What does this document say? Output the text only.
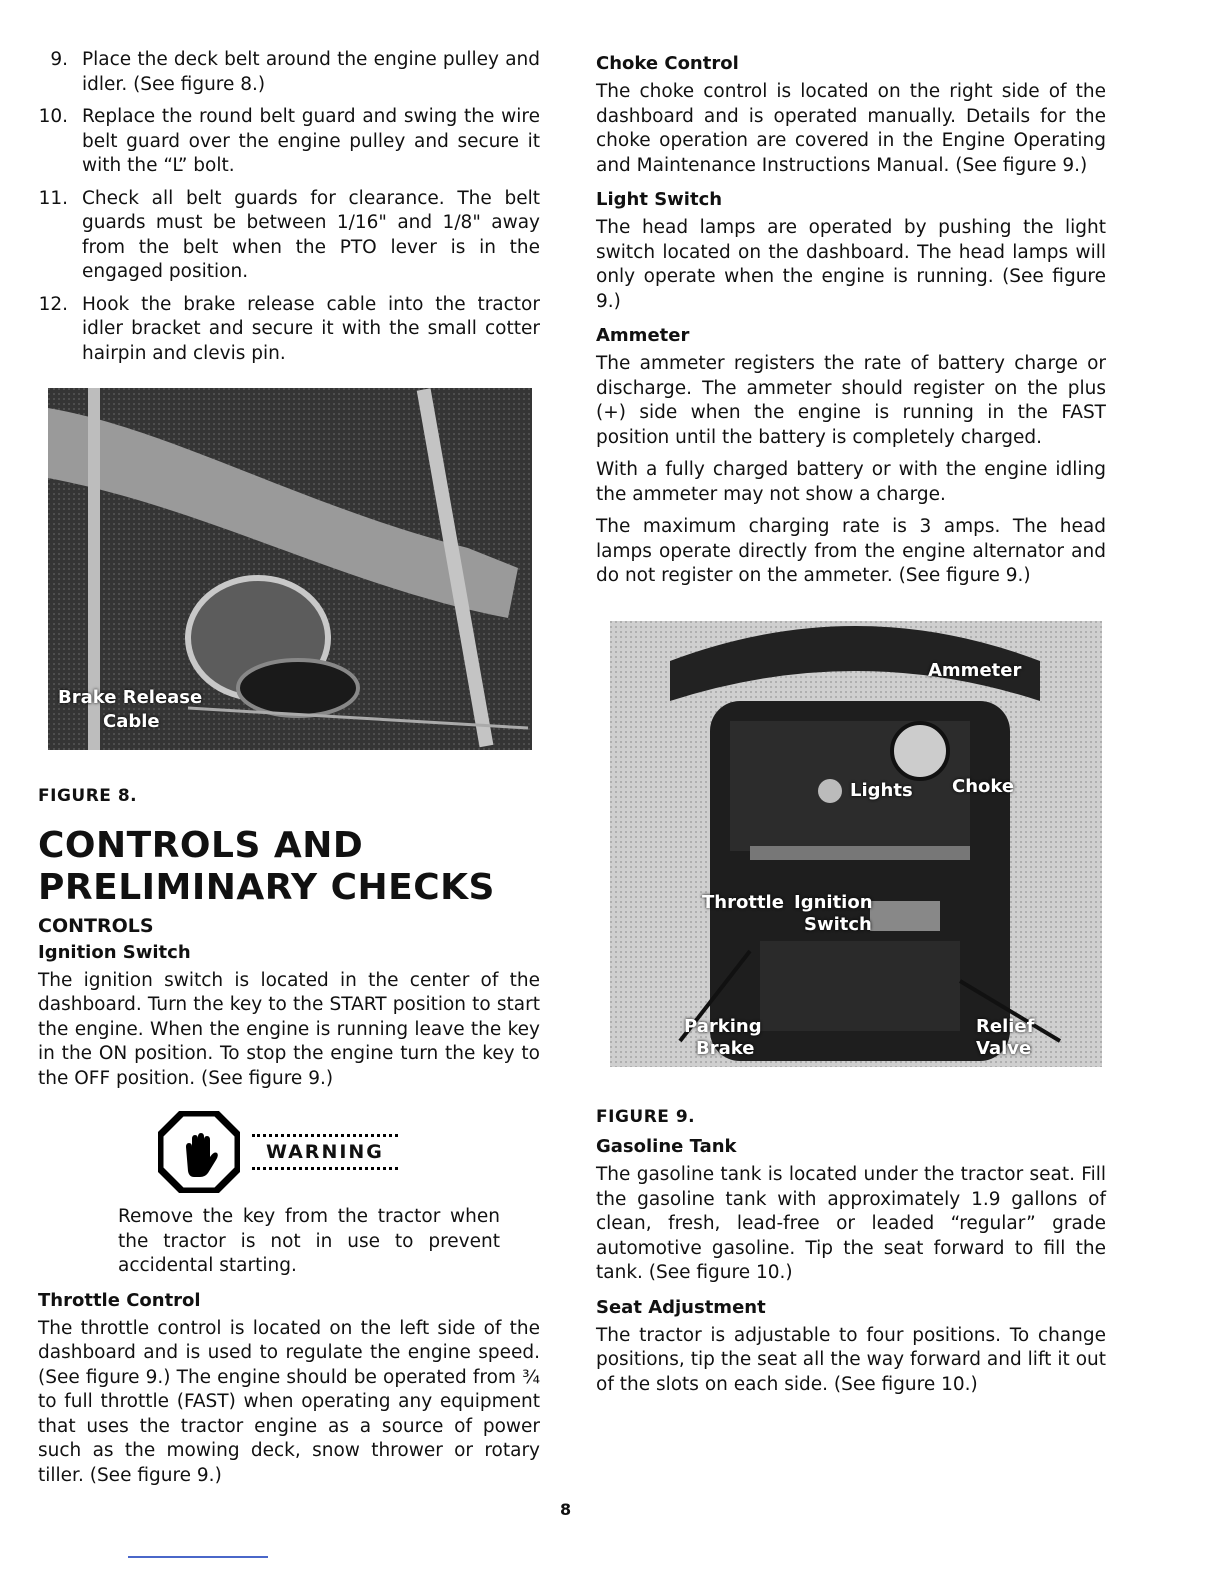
9. Place the deck belt around the engine pulley and idler. (See figure 8.)
10. Replace the round belt guard and swing the wire belt guard over the engine pulley and secure it with the “L” bolt.
11. Check all belt guards for clearance. The belt guards must be between 1/16" and 1/8" away from the belt when the PTO lever is in the engaged position.
12. Hook the brake release cable into the tractor idler bracket and secure it with the small cotter hairpin and clevis pin.
Brake Release
Cable

FIGURE 8.

CONTROLS AND
PRELIMINARY CHECKS
CONTROLS
Ignition Switch

The ignition switch is located in the center of the dashboard. Turn the key to the START position to start the engine. When the engine is running leave the key in the ON position. To stop the engine turn the key to the OFF position. (See figure 9.)

WARNING

Remove the key from the tractor when the tractor is not in use to prevent accidental starting.

Throttle Control

The throttle control is located on the left side of the dashboard and is used to regulate the engine speed. (See figure 9.) The engine should be operated from ¾ to full throttle (FAST) when operating any equipment that uses the tractor engine as a source of power such as the mowing deck, snow thrower or rotary tiller. (See figure 9.)

Choke Control

The choke control is located on the right side of the dashboard and is operated manually. Details for the choke operation are covered in the Engine Operating and Maintenance Instructions Manual. (See figure 9.)

Light Switch

The head lamps are operated by pushing the light switch located on the dashboard. The head lamps will only operate when the engine is running. (See figure 9.)

Ammeter

The ammeter registers the rate of battery charge or discharge. The ammeter should register on the plus (+) side when the engine is running in the FAST position until the battery is completely charged.

With a fully charged battery or with the engine idling the ammeter may not show a charge.

The maximum charging rate is 3 amps. The head lamps operate directly from the engine alternator and do not register on the ammeter. (See figure 9.)

Ammeter
Lights Choke
Throttle Ignition
Switch
Parking
Brake
Relief
Valve

FIGURE 9.

Gasoline Tank

The gasoline tank is located under the tractor seat. Fill the gasoline tank with approximately 1.9 gallons of clean, fresh, lead-free or leaded “regular” grade automotive gasoline. Tip the seat forward to fill the tank. (See figure 10.)

Seat Adjustment

The tractor is adjustable to four positions. To change positions, tip the seat all the way forward and lift it out of the slots on each side. (See figure 10.)

8
